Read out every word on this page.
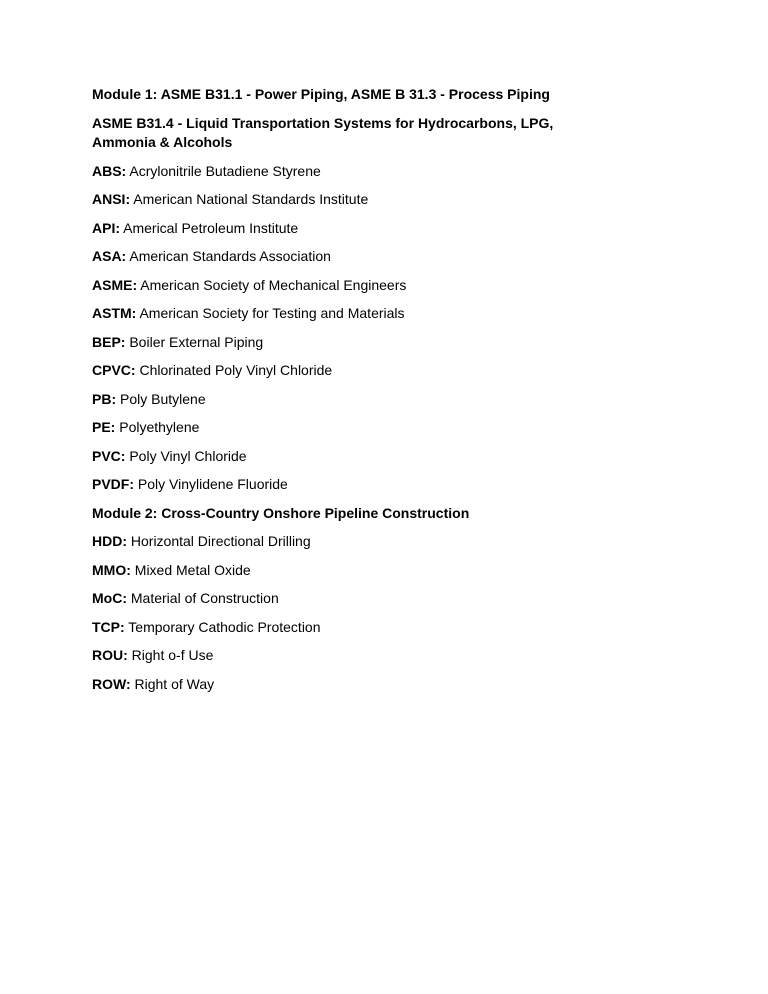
Module 1: ASME B31.1 - Power Piping, ASME B 31.3 - Process Piping

ASME B31.4 - Liquid Transportation Systems for Hydrocarbons, LPG,
Ammonia & Alcohols

ABS: Acrylonitrile Butadiene Styrene

ANSI: American National Standards Institute

API: Americal Petroleum Institute

ASA: American Standards Association

ASME: American Society of Mechanical Engineers

ASTM: American Society for Testing and Materials

BEP: Boiler External Piping

CPVC: Chlorinated Poly Vinyl Chloride

PB: Poly Butylene

PE: Polyethylene

PVC: Poly Vinyl Chloride

PVDF: Poly Vinylidene Fluoride

Module 2: Cross-Country Onshore Pipeline Construction

HDD: Horizontal Directional Drilling

MMO: Mixed Metal Oxide

MoC: Material of Construction

TCP: Temporary Cathodic Protection

ROU: Right o-f Use

ROW: Right of Way
